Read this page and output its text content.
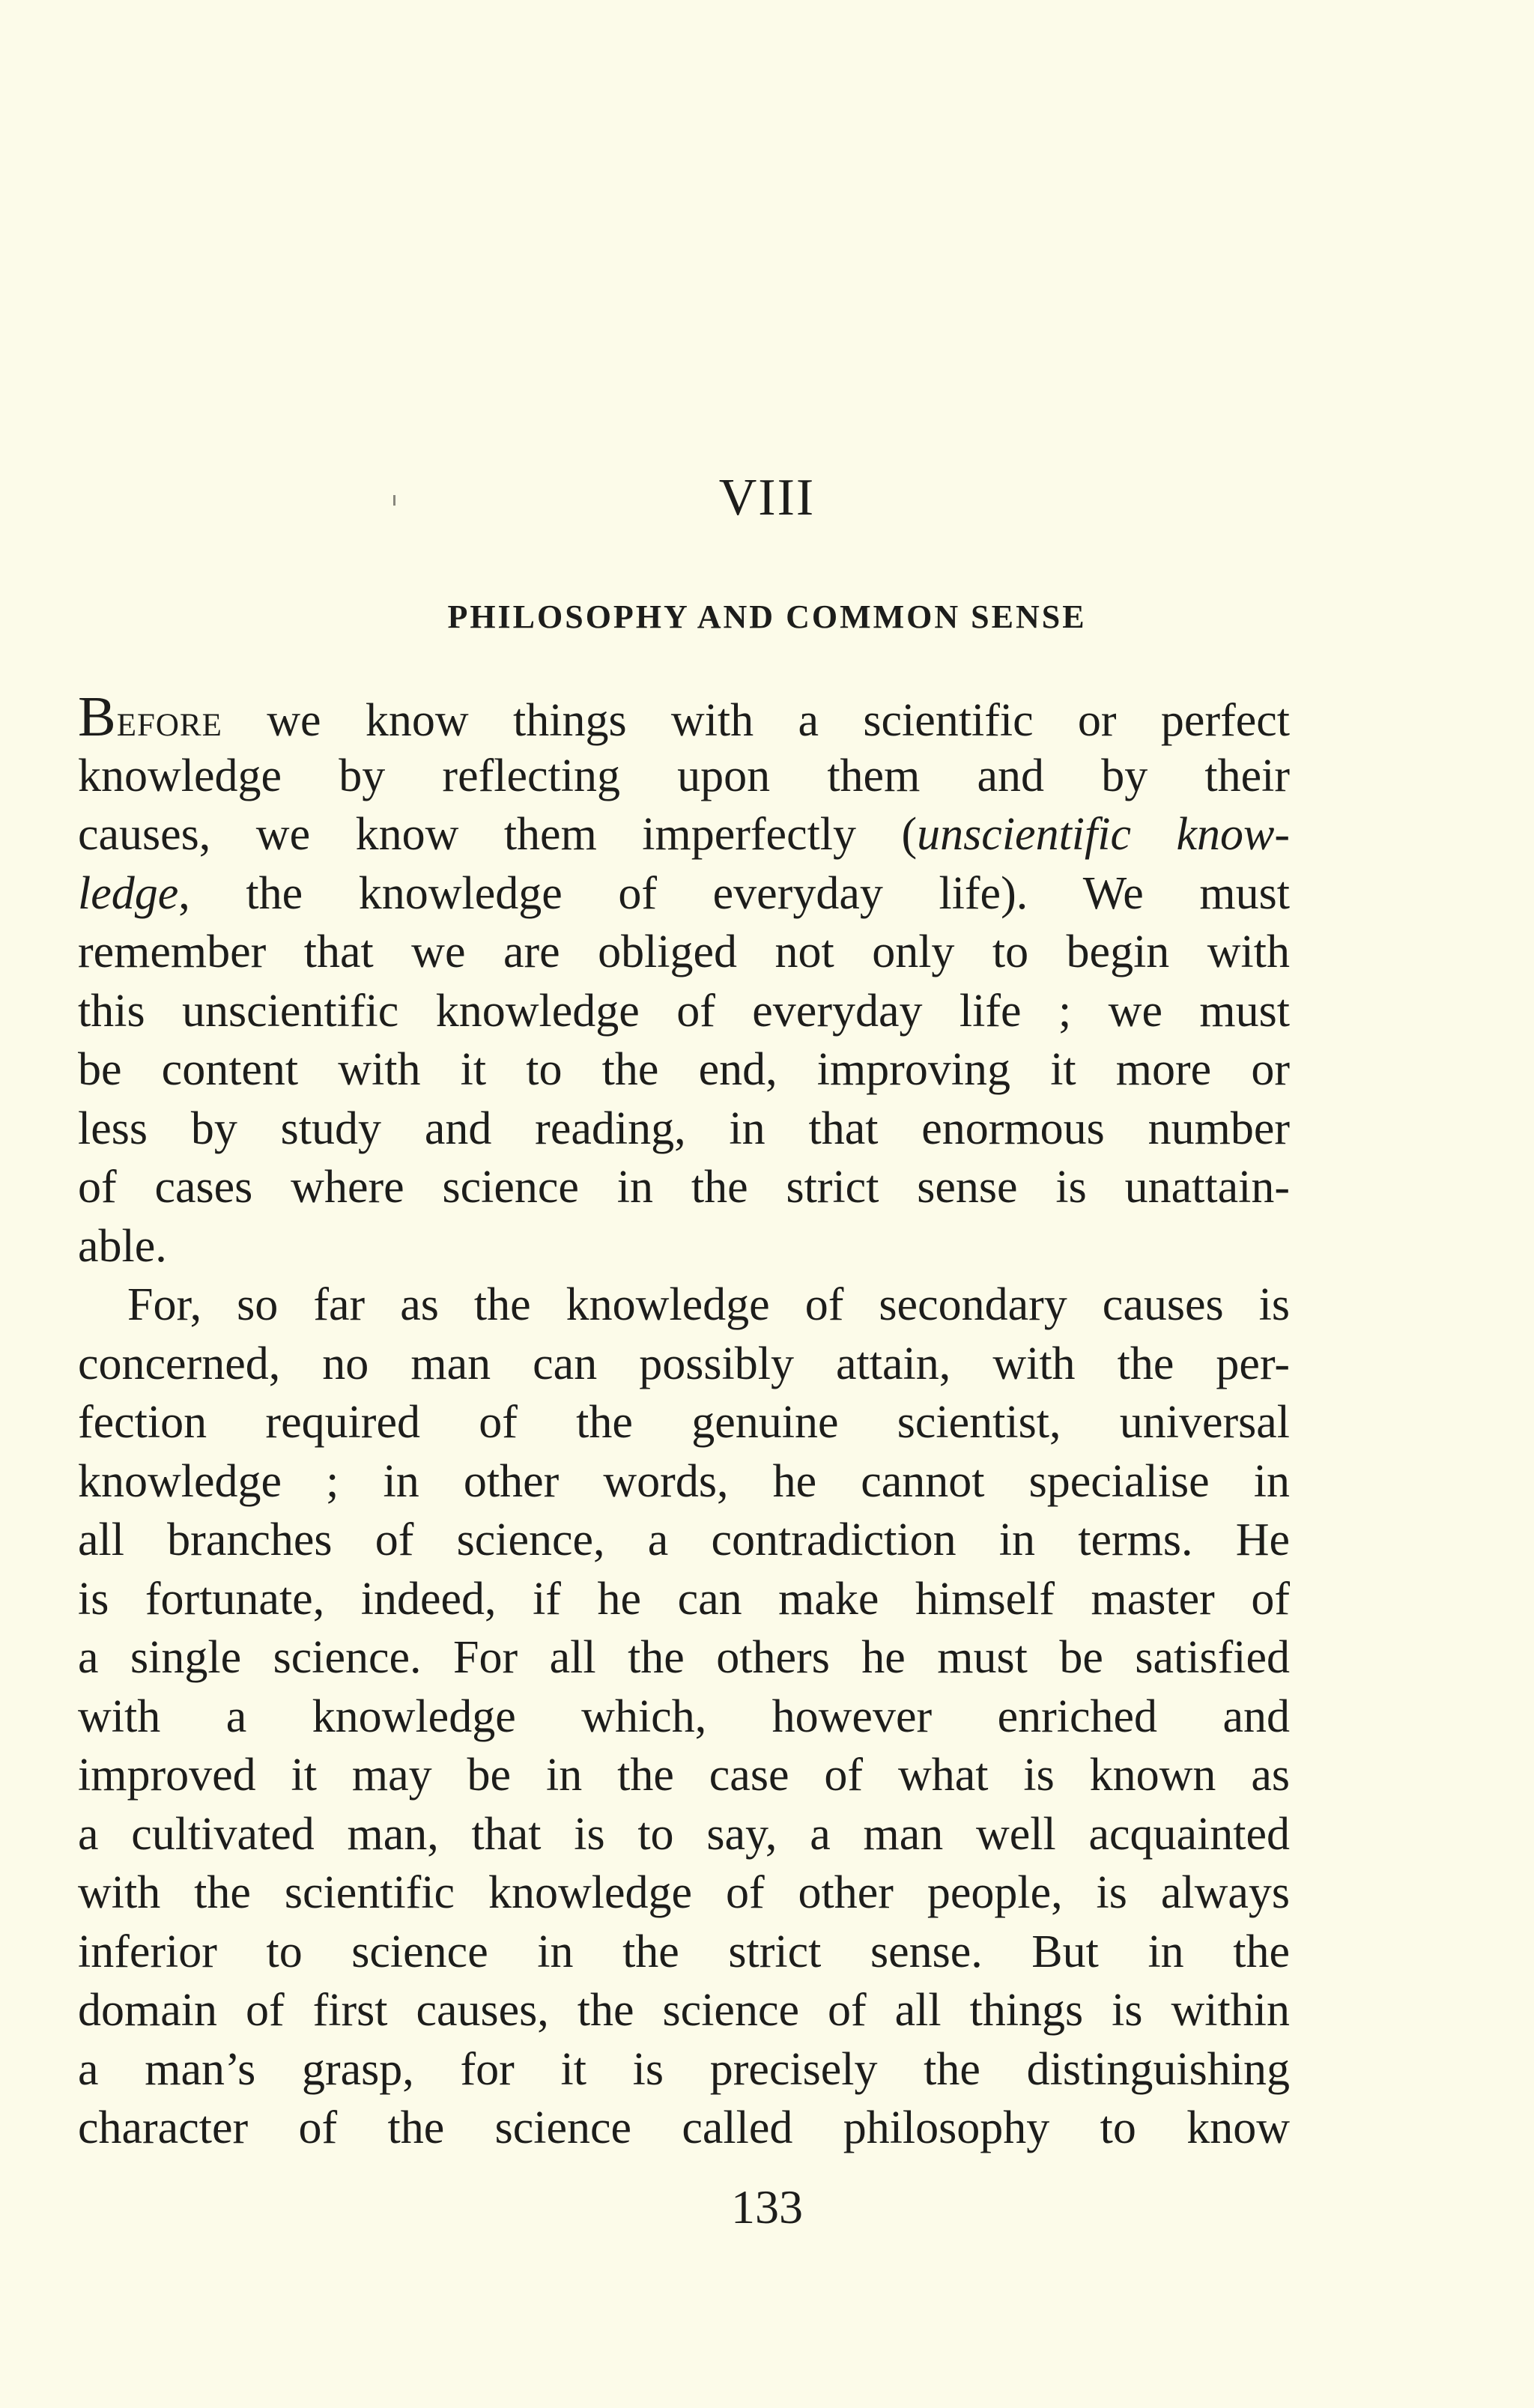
VIII
PHILOSOPHY AND COMMON SENSE
Before we know things with a scientific or perfect
knowledge by reflecting upon them and by their
causes, we know them imperfectly (unscientific know-
ledge, the knowledge of everyday life). We must
remember that we are obliged not only to begin with
this unscientific knowledge of everyday life ; we must
be content with it to the end, improving it more or
less by study and reading, in that enormous number
of cases where science in the strict sense is unattain-
able.
For, so far as the knowledge of secondary causes is
concerned, no man can possibly attain, with the per-
fection required of the genuine scientist, universal
knowledge ; in other words, he cannot specialise in
all branches of science, a contradiction in terms. He
is fortunate, indeed, if he can make himself master of
a single science. For all the others he must be satisfied
with a knowledge which, however enriched and
improved it may be in the case of what is known as
a cultivated man, that is to say, a man well acquainted
with the scientific knowledge of other people, is always
inferior to science in the strict sense. But in the
domain of first causes, the science of all things is within
a man’s grasp, for it is precisely the distinguishing
character of the science called philosophy to know
133
